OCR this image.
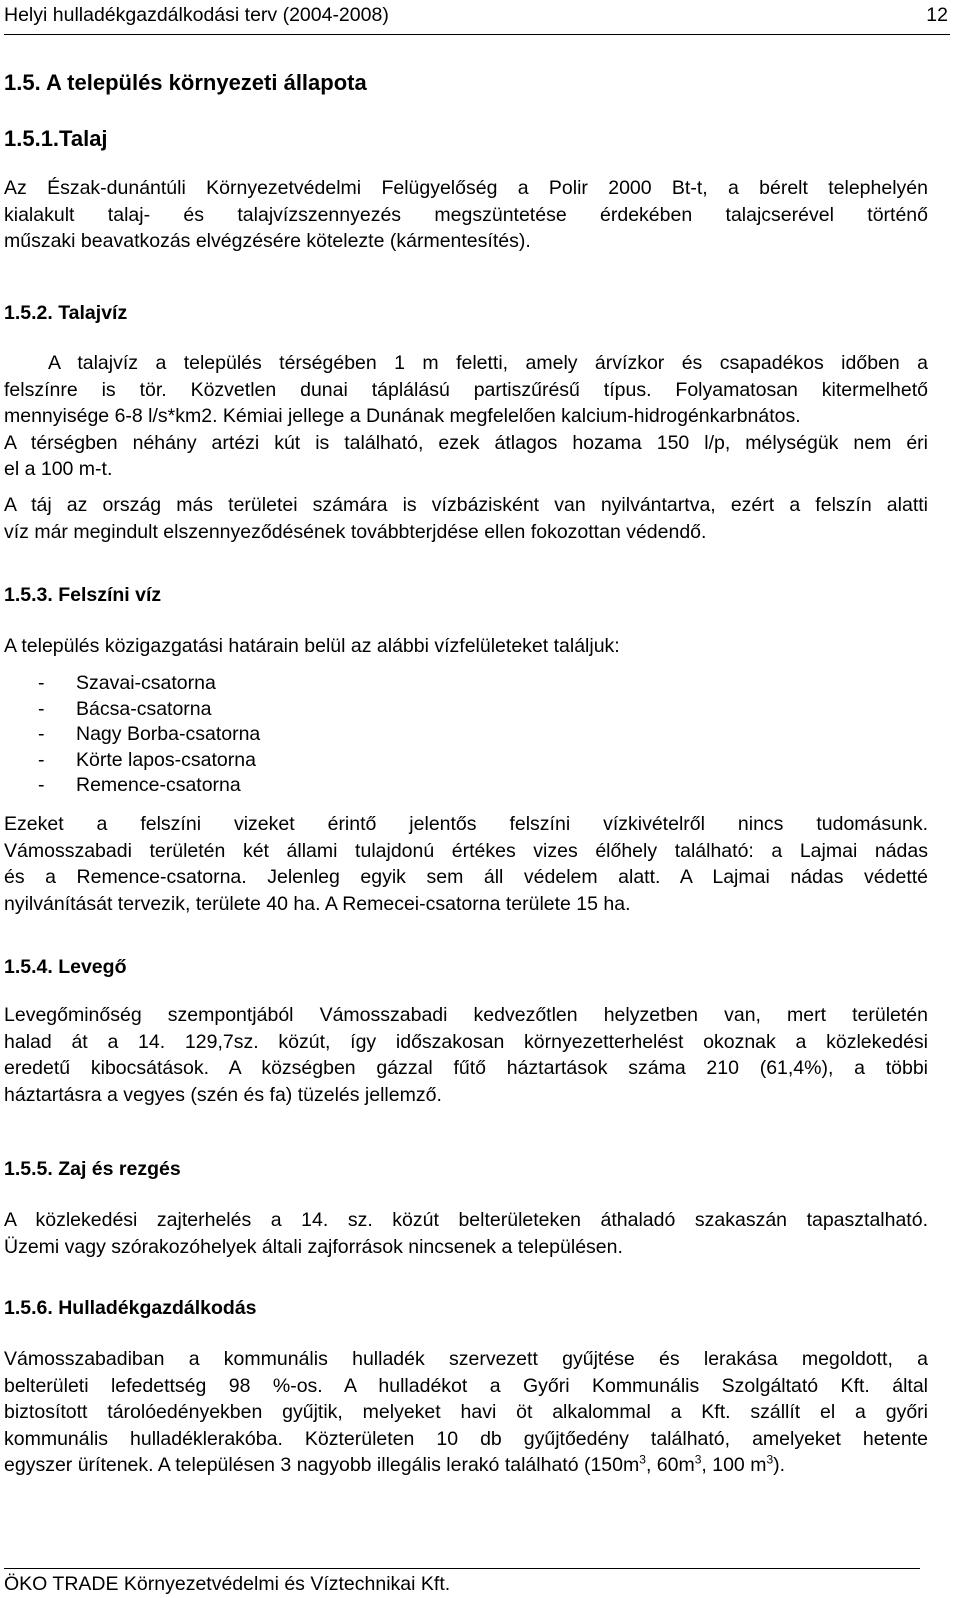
Helyi hulladékgazdálkodási terv (2004-2008)	12
1.5. A település környezeti állapota
1.5.1.Talaj
Az Észak-dunántúli Környezetvédelmi Felügyelőség a Polir 2000 Bt-t, a bérelt telephelyén
kialakult talaj- és talajvízszennyezés megszüntetése érdekében talajcserével történő
műszaki beavatkozás elvégzésére kötelezte (kármentesítés).
1.5.2. Talajvíz
A talajvíz a település térségében 1 m feletti, amely árvízkor és csapadékos időben a
felszínre is tör. Közvetlen dunai táplálású partiszűrésű típus. Folyamatosan kitermelhető
mennyisége 6-8 l/s*km2. Kémiai jellege a Dunának megfelelően kalcium-hidrogénkarbnátos.
A térségben néhány artézi kút is található, ezek átlagos hozama 150 l/p, mélységük nem éri
el a 100 m-t.
A táj az ország más területei számára is vízbázisként van nyilvántartva, ezért a felszín alatti
víz már megindult elszennyeződésének továbbterjdése ellen fokozottan védendő.
1.5.3. Felszíni víz
A település közigazgatási határain belül az alábbi vízfelületeket találjuk:
- Szavai-csatorna
- Bácsa-csatorna
- Nagy Borba-csatorna
- Körte lapos-csatorna
- Remence-csatorna
Ezeket a felszíni vizeket érintő jelentős felszíni vízkivételről nincs tudomásunk.
Vámosszabadi területén két állami tulajdonú értékes vizes élőhely található: a Lajmai nádas
és a Remence-csatorna. Jelenleg egyik sem áll védelem alatt. A Lajmai nádas védetté
nyilvánítását tervezik, területe 40 ha. A Remecei-csatorna területe 15 ha.
1.5.4. Levegő
Levegőminőség szempontjából Vámosszabadi kedvezőtlen helyzetben van, mert területén
halad át a 14. 129,7sz. közút, így időszakosan környezetterhelést okoznak a közlekedési
eredetű kibocsátások. A községben gázzal fűtő háztartások száma 210 (61,4%), a többi
háztartásra a vegyes (szén és fa) tüzelés jellemző.
1.5.5. Zaj és rezgés
A közlekedési zajterhelés a 14. sz. közút belterületeken áthaladó szakaszán tapasztalható.
Üzemi vagy szórakozóhelyek általi zajforrások nincsenek a településen.
1.5.6. Hulladékgazdálkodás
Vámosszabadiban a kommunális hulladék szervezett gyűjtése és lerakása megoldott, a
belterületi lefedettség 98 %-os. A hulladékot a Győri Kommunális Szolgáltató Kft. által
biztosított tárolóedényekben gyűjtik, melyeket havi öt alkalommal a Kft. szállít el a győri
kommunális hulladéklerakóba. Közterületen 10 db gyűjtőedény található, amelyeket hetente
egyszer ürítenek. A településen 3 nagyobb illegális lerakó található ($150m^3$, $60m^3$, 100 $m^3$).
ÖKO TRADE Környezetvédelmi és Víztechnikai Kft.
